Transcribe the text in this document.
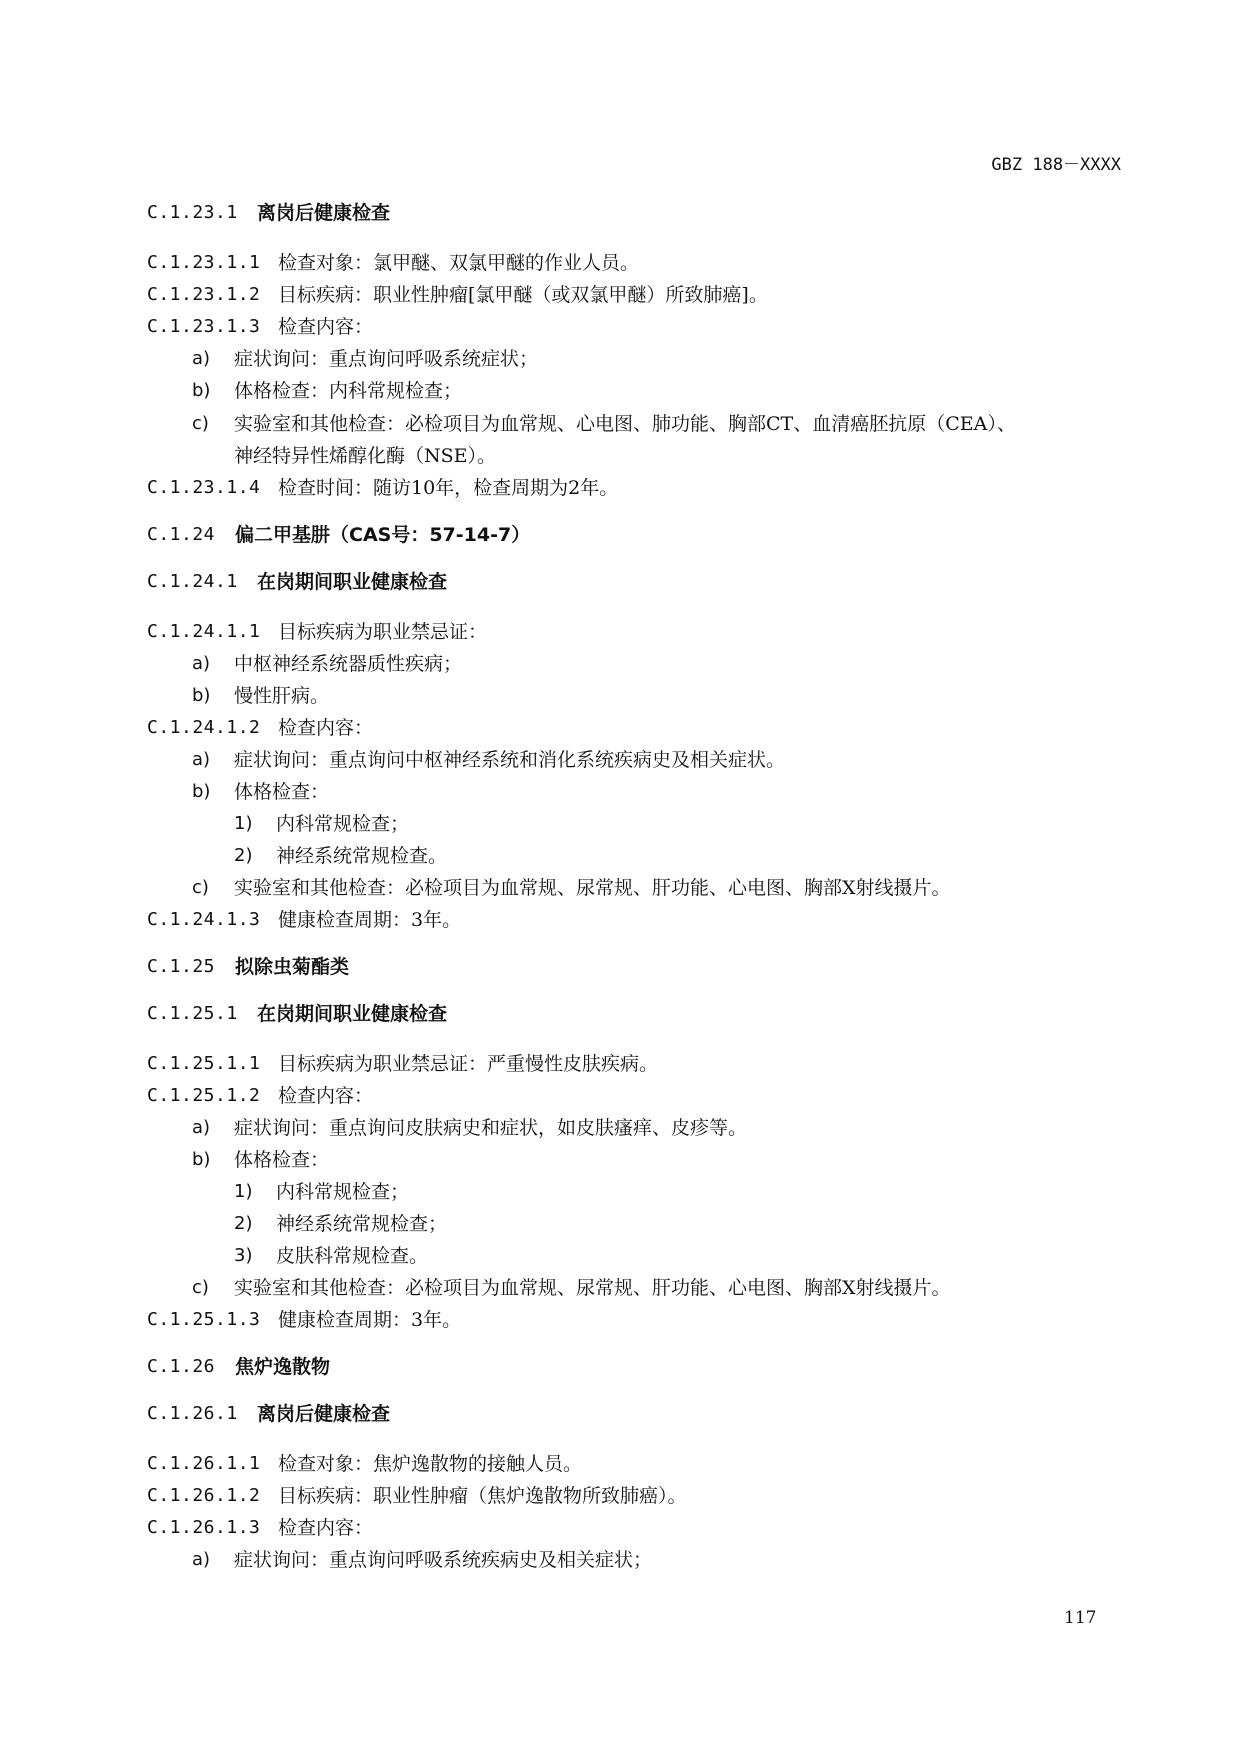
GBZ 188－XXXX
C.1.23.1 离岗后健康检查
C.1.23.1.1 检查对象：氯甲醚、双氯甲醚的作业人员。
C.1.23.1.2 目标疾病：职业性肿瘤[氯甲醚（或双氯甲醚）所致肺癌]。
C.1.23.1.3 检查内容：
a) 症状询问：重点询问呼吸系统症状；
b) 体格检查：内科常规检查；
c) 实验室和其他检查：必检项目为血常规、心电图、肺功能、胸部CT、血清癌胚抗原（CEA）、
神经特异性烯醇化酶（NSE）。
C.1.23.1.4 检查时间：随访10年，检查周期为2年。
C.1.24 偏二甲基肼（CAS号：57-14-7）
C.1.24.1 在岗期间职业健康检查
C.1.24.1.1 目标疾病为职业禁忌证：
a) 中枢神经系统器质性疾病；
b) 慢性肝病。
C.1.24.1.2 检查内容：
a) 症状询问：重点询问中枢神经系统和消化系统疾病史及相关症状。
b) 体格检查：
1) 内科常规检查；
2) 神经系统常规检查。
c) 实验室和其他检查：必检项目为血常规、尿常规、肝功能、心电图、胸部X射线摄片。
C.1.24.1.3 健康检查周期：3年。
C.1.25 拟除虫菊酯类
C.1.25.1 在岗期间职业健康检查
C.1.25.1.1 目标疾病为职业禁忌证：严重慢性皮肤疾病。
C.1.25.1.2 检查内容：
a) 症状询问：重点询问皮肤病史和症状，如皮肤瘙痒、皮疹等。
b) 体格检查：
1) 内科常规检查；
2) 神经系统常规检查；
3) 皮肤科常规检查。
c) 实验室和其他检查：必检项目为血常规、尿常规、肝功能、心电图、胸部X射线摄片。
C.1.25.1.3 健康检查周期：3年。
C.1.26 焦炉逸散物
C.1.26.1 离岗后健康检查
C.1.26.1.1 检查对象：焦炉逸散物的接触人员。
C.1.26.1.2 目标疾病：职业性肿瘤（焦炉逸散物所致肺癌）。
C.1.26.1.3 检查内容：
a) 症状询问：重点询问呼吸系统疾病史及相关症状；
117
